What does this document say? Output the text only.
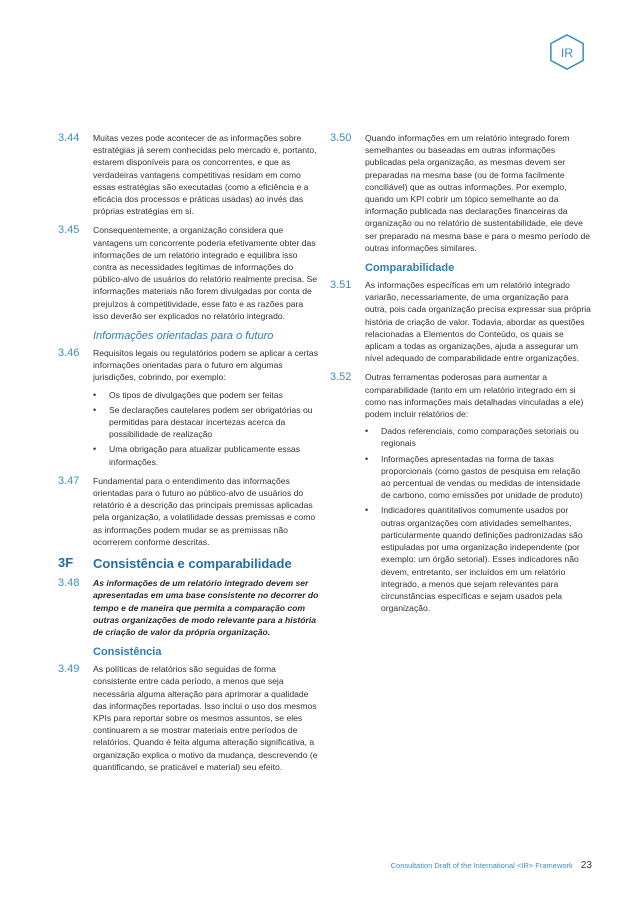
IR
3.44 Muitas vezes pode acontecer de as informações sobre estratégias já serem conhecidas pelo mercado e, portanto, estarem disponíveis para os concorrentes, e que as verdadeiras vantagens competitivas residam em como essas estratégias são executadas (como a eficiência e a eficácia dos processos e práticas usadas) ao invés das próprias estratégias em si.

3.45 Consequentemente, a organização considera que vantagens um concorrente poderia efetivamente obter das informações de um relatório integrado e equilibra isso contra as necessidades legítimas de informações do público-alvo de usuários do relatório realmente precisa. Se informações materiais não forem divulgadas por conta de prejuízos à competitividade, esse fato e as razões para isso deverão ser explicados no relatório integrado.

Informações orientadas para o futuro
3.46 Requisitos legais ou regulatórios podem se aplicar a certas informações orientadas para o futuro em algumas jurisdições, cobrindo, por exemplo:

• Os tipos de divulgações que podem ser feitas
• Se declarações cautelares podem ser obrigatórias ou permitidas para destacar incertezas acerca da possibilidade de realização
• Uma obrigação para atualizar publicamente essas informações.
3.47 Fundamental para o entendimento das informações orientadas para o futuro ao público-alvo de usuários do relatório é a descrição das principais premissas aplicadas pela organização, a volatilidade dessas premissas e como as informações podem mudar se as premissas não ocorrerem conforme descritas.

3F Consistência e comparabilidade
3.48 As informações de um relatório integrado devem ser apresentadas em uma base consistente no decorrer do tempo e de maneira que permita a comparação com outras organizações de modo relevante para a história de criação de valor da própria organização.

Consistência
3.49 As políticas de relatórios são seguidas de forma consistente entre cada período, a menos que seja necessária alguma alteração para aprimorar a qualidade das informações reportadas. Isso inclui o uso dos mesmos KPIs para reportar sobre os mesmos assuntos, se eles continuarem a se mostrar materiais entre períodos de relatórios. Quando é feita alguma alteração significativa, a organização explica o motivo da mudança, descrevendo (e quantificando, se praticável e material) seu efeito.

3.50 Quando informações em um relatório integrado forem semelhantes ou baseadas em outras informações publicadas pela organização, as mesmas devem ser preparadas na mesma base (ou de forma facilmente conciliável) que as outras informações. Por exemplo, quando um KPI cobrir um tópico semelhante ao da informação publicada nas declarações financeiras da organização ou no relatório de sustentabilidade, ele deve ser preparado na mesma base e para o mesmo período de outras informações similares.

Comparabilidade
3.51 As informações específicas em um relatório integrado variarão, necessariamente, de uma organização para outra, pois cada organização precisa expressar sua própria história de criação de valor. Todavia, abordar as questões relacionadas a Elementos do Conteúdo, os quais se aplicam a todas as organizações, ajuda a assegurar um nível adequado de comparabilidade entre organizações.

3.52 Outras ferramentas poderosas para aumentar a comparabilidade (tanto em um relatório integrado em si como nas informações mais detalhadas vinculadas a ele) podem incluir relatórios de:

• Dados referenciais, como comparações setoriais ou regionais
• Informações apresentadas na forma de taxas proporcionais (como gastos de pesquisa em relação ao percentual de vendas ou medidas de intensidade de carbono, como emissões por unidade de produto)
• Indicadores quantitativos comumente usados por outras organizações com atividades semelhantes, particularmente quando definições padronizadas são estipuladas por uma organização independente (por exemplo: um órgão setorial). Esses indicadores não devem, entretanto, ser incluídos em um relatório integrado, a menos que sejam relevantes para circunstâncias específicas e sejam usados pela organização.
Consultation Draft of the International <IR> Framework 23
